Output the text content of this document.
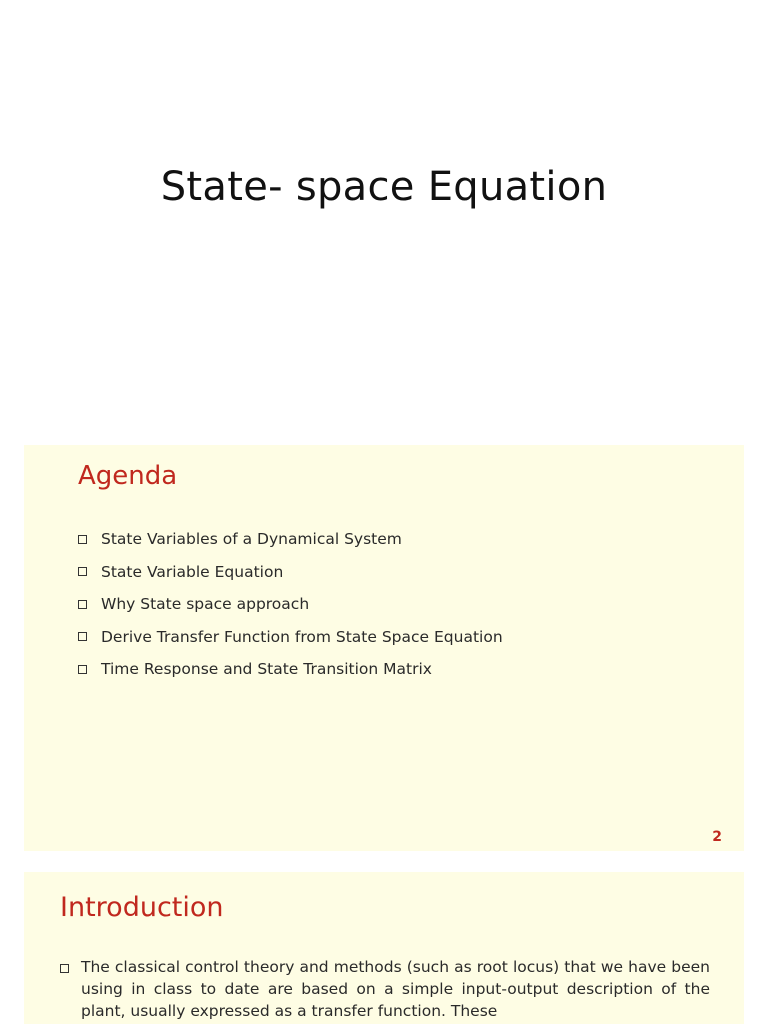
State- space Equation
Agenda
State Variables of a Dynamical System
State Variable Equation
Why State space approach
Derive Transfer Function from State Space Equation
Time Response and State Transition Matrix
2
Introduction
The classical control theory and methods (such as root locus) that we have been using in class to date are based on a simple input-output description of the plant, usually expressed as a transfer function. These
